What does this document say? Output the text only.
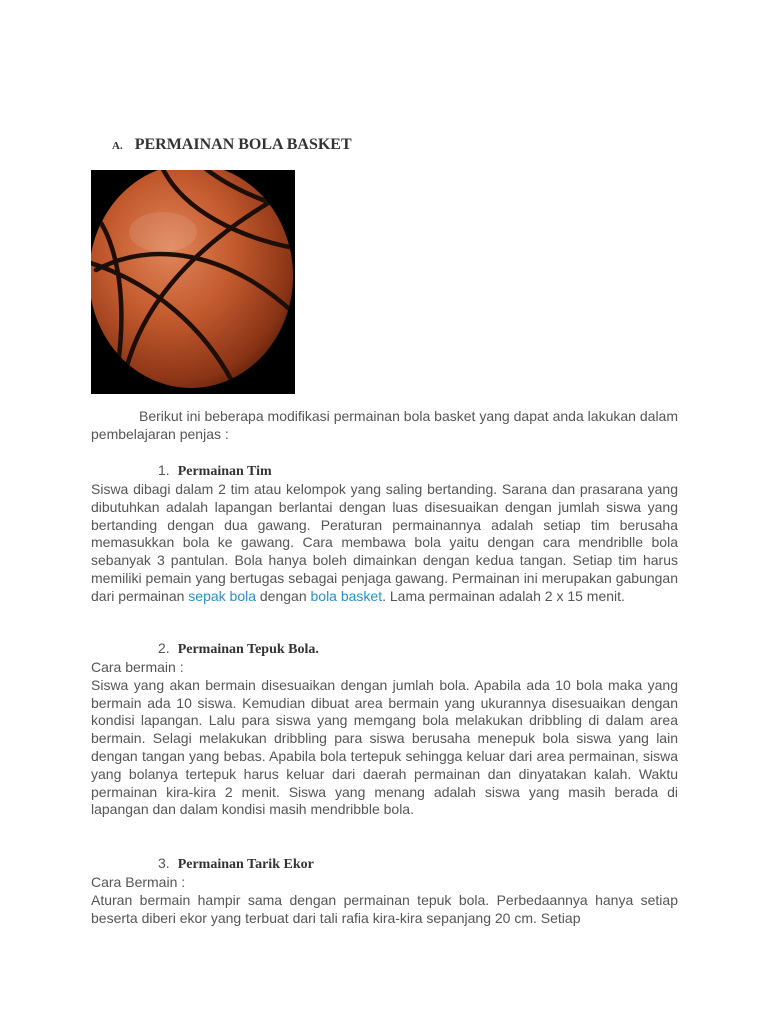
A. PERMAINAN BOLA BASKET

Berikut ini beberapa modifikasi permainan bola basket yang dapat anda lakukan dalam pembelajaran penjas :

1. Permainan Tim

Siswa dibagi dalam 2 tim atau kelompok yang saling bertanding. Sarana dan prasarana yang dibutuhkan adalah lapangan berlantai dengan luas disesuaikan dengan jumlah siswa yang bertanding dengan dua gawang. Peraturan permainannya adalah setiap tim berusaha memasukkan bola ke gawang. Cara membawa bola yaitu dengan cara mendriblle bola sebanyak 3 pantulan. Bola hanya boleh dimainkan dengan kedua tangan. Setiap tim harus memiliki pemain yang bertugas sebagai penjaga gawang. Permainan ini merupakan gabungan dari permainan sepak bola dengan bola basket. Lama permainan adalah 2 x 15 menit.

2. Permainan Tepuk Bola.

Cara bermain :

Siswa yang akan bermain disesuaikan dengan jumlah bola. Apabila ada 10 bola maka yang bermain ada 10 siswa. Kemudian dibuat area bermain yang ukurannya disesuaikan dengan kondisi lapangan. Lalu para siswa yang memgang bola melakukan dribbling di dalam area bermain. Selagi melakukan dribbling para siswa berusaha menepuk bola siswa yang lain dengan tangan yang bebas. Apabila bola tertepuk sehingga keluar dari area permainan, siswa yang bolanya tertepuk harus keluar dari daerah permainan dan dinyatakan kalah. Waktu permainan kira-kira 2 menit. Siswa yang menang adalah siswa yang masih berada di lapangan dan dalam kondisi masih mendribble bola.

3. Permainan Tarik Ekor

Cara Bermain :

Aturan bermain hampir sama dengan permainan tepuk bola. Perbedaannya hanya setiap beserta diberi ekor yang terbuat dari tali rafia kira-kira sepanjang 20 cm. Setiap
